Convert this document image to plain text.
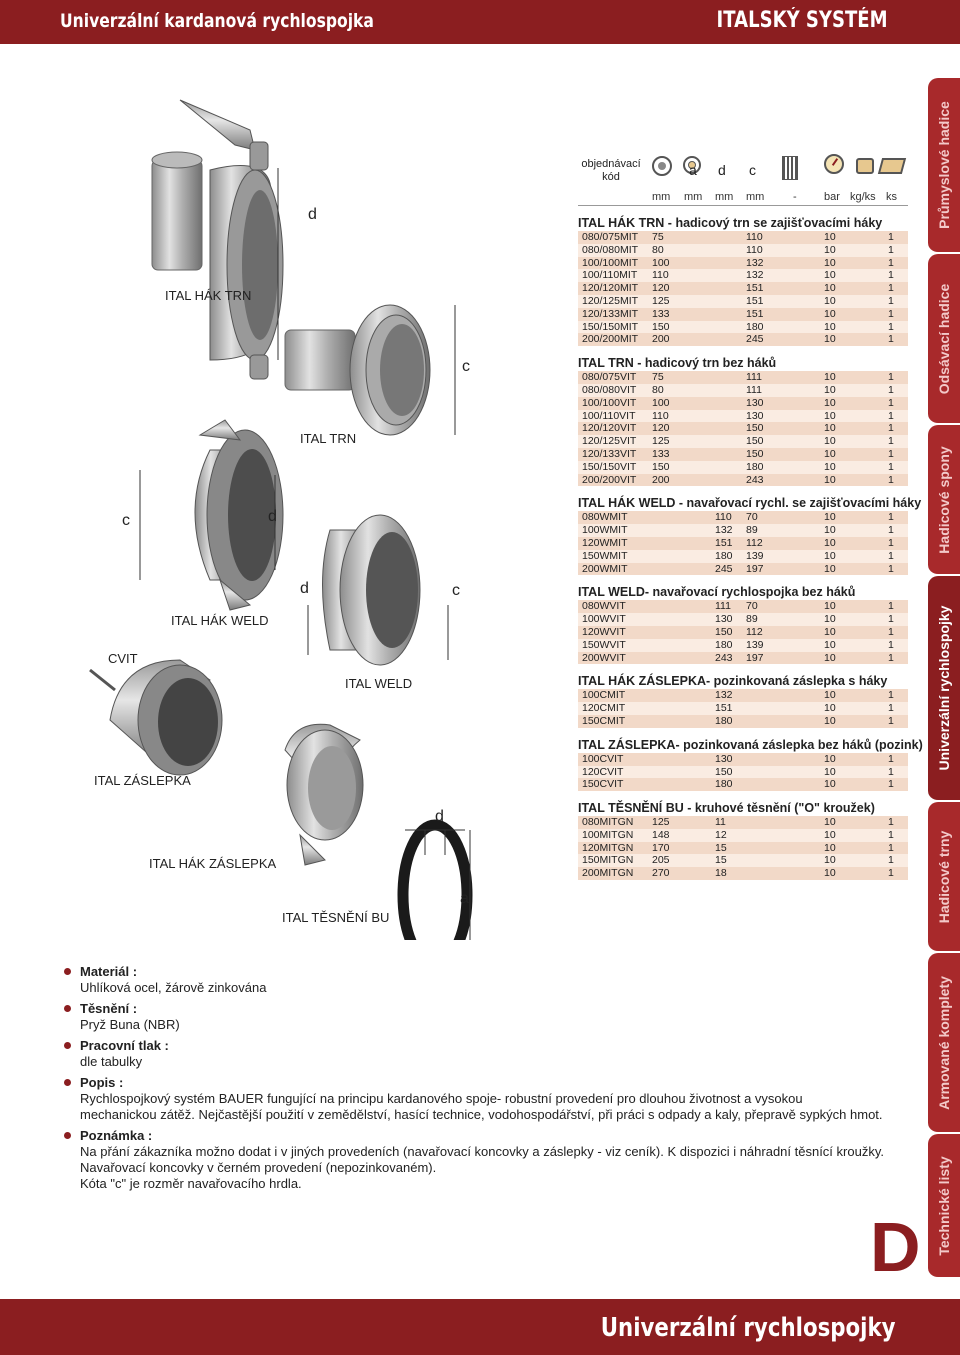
Univerzální kardanová rychlospojka	ITALSKÝ SYSTÉM
Průmyslové hadice
Odsávací hadice
Hadicové spony
Univerzální rychlospojky
Hadicové trny
Armované komplety
Technické listy
ITAL HÁK TRN
ITAL TRN
ITAL HÁK WELD
ITAL WELD
CVIT
ITAL ZÁSLEPKA
ITAL HÁK ZÁSLEPKA
ITAL TĚSNĚNÍ BU
d
c
c	d
d	c
d
a
objednávací kód	a d c
mm mm mm mm	- bar kg/ks ks
ITAL HÁK TRN - hadicový trn se zajišťovacími háky
080/075MIT 75	110	10	1
080/080MIT 80	110	10	1
100/100MIT 100	132	10	1
100/110MIT 110	132	10	1
120/120MIT 120	151	10	1
120/125MIT 125	151	10	1
120/133MIT 133	151	10	1
150/150MIT 150	180	10	1
200/200MIT 200	245	10	1
ITAL TRN - hadicový trn bez háků
080/075VIT 75	111	10	1
080/080VIT 80	111	10	1
100/100VIT 100	130	10	1
100/110VIT 110	130	10	1
120/120VIT 120	150	10	1
120/125VIT 125	150	10	1
120/133VIT 133	150	10	1
150/150VIT 150	180	10	1
200/200VIT 200	243	10	1
ITAL HÁK WELD - navařovací rychl. se zajišťovacími háky
080WMIT	110 70	10	1
100WMIT	132 89	10	1
120WMIT	151 112	10	1
150WMIT	180 139	10	1
200WMIT	245 197	10	1
ITAL WELD- navařovací rychlospojka bez háků
080WVIT	111 70	10	1
100WVIT	130 89	10	1
120WVIT	150 112	10	1
150WVIT	180 139	10	1
200WVIT	243 197	10	1
ITAL HÁK ZÁSLEPKA- pozinkovaná záslepka s háky
100CMIT	132	10	1
120CMIT	151	10	1
150CMIT	180	10	1
ITAL ZÁSLEPKA- pozinkovaná záslepka bez háků (pozink)
100CVIT	130	10	1
120CVIT	150	10	1
150CVIT	180	10	1
ITAL TĚSNĚNÍ BU - kruhové těsnění ("O" kroužek)
080MITGN 125	11	10	1
100MITGN 148	12	10	1
120MITGN 170	15	10	1
150MITGN 205	15	10	1
200MITGN 270	18	10	1
Materiál :
Uhlíková ocel, žárově zinkována
Těsnění :
Pryž Buna (NBR)
Pracovní tlak :
dle tabulky
Popis :
Rychlospojkový systém BAUER fungující na principu kardanového spoje- robustní provedení pro dlouhou životnost a vysokou
mechanickou zátěž. Nejčastější použití v zemědělství, hasící technice, vodohospodářství, při práci s odpady a kaly, přepravě sypkých hmot.
Poznámka :
Na přání zákazníka možno dodat i v jiných provedeních (navařovací koncovky a záslepky - viz ceník). K dispozici i náhradní těsnící kroužky.
Navařovací koncovky v černém provedení (nepozinkovaném).
Kóta "c" je rozměr navařovacího hrdla.
D
Univerzální rychlospojky
